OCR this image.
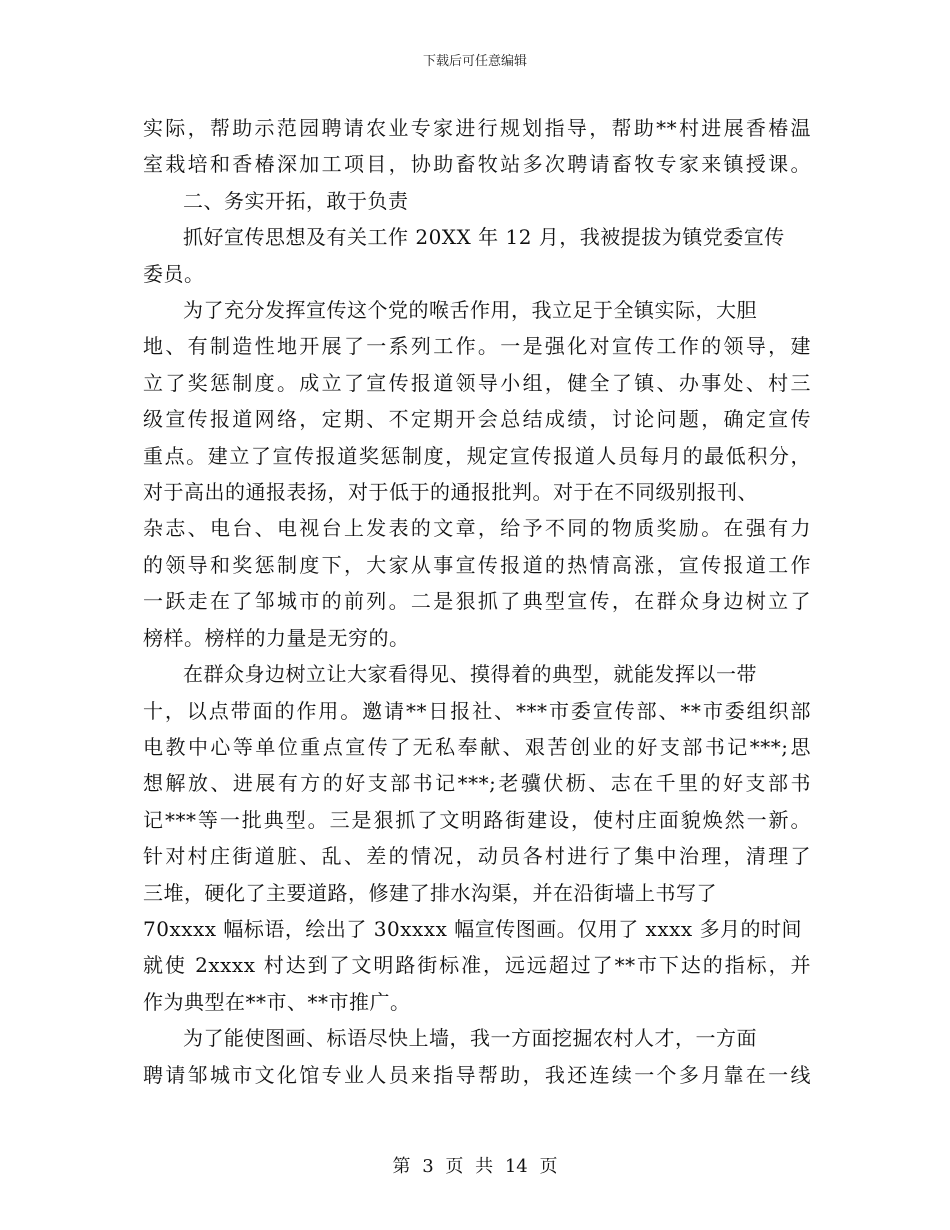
下载后可任意编辑
实际，帮助示范园聘请农业专家进行规划指导，帮助**村进展香椿温
室栽培和香椿深加工项目，协助畜牧站多次聘请畜牧专家来镇授课。
二、务实开拓，敢于负责
抓好宣传思想及有关工作 20XX 年 12 月，我被提拔为镇党委宣传
委员。
为了充分发挥宣传这个党的喉舌作用，我立足于全镇实际，大胆
地、有制造性地开展了一系列工作。一是强化对宣传工作的领导，建
立了奖惩制度。成立了宣传报道领导小组，健全了镇、办事处、村三
级宣传报道网络，定期、不定期开会总结成绩，讨论问题，确定宣传
重点。建立了宣传报道奖惩制度，规定宣传报道人员每月的最低积分，
对于高出的通报表扬，对于低于的通报批判。对于在不同级别报刊、
杂志、电台、电视台上发表的文章，给予不同的物质奖励。在强有力
的领导和奖惩制度下，大家从事宣传报道的热情高涨，宣传报道工作
一跃走在了邹城市的前列。二是狠抓了典型宣传，在群众身边树立了
榜样。榜样的力量是无穷的。
在群众身边树立让大家看得见、摸得着的典型，就能发挥以一带
十，以点带面的作用。邀请**日报社、***市委宣传部、**市委组织部
电教中心等单位重点宣传了无私奉献、艰苦创业的好支部书记***;思
想解放、进展有方的好支部书记***;老骥伏枥、志在千里的好支部书
记***等一批典型。三是狠抓了文明路街建设，使村庄面貌焕然一新。
针对村庄街道脏、乱、差的情况，动员各村进行了集中治理，清理了
三堆，硬化了主要道路，修建了排水沟渠，并在沿街墙上书写了
70xxxx 幅标语，绘出了 30xxxx 幅宣传图画。仅用了 xxxx 多月的时间
就使 2xxxx 村达到了文明路街标准，远远超过了**市下达的指标，并
作为典型在**市、**市推广。
为了能使图画、标语尽快上墙，我一方面挖掘农村人才，一方面
聘请邹城市文化馆专业人员来指导帮助，我还连续一个多月靠在一线
第 3 页 共 14 页
